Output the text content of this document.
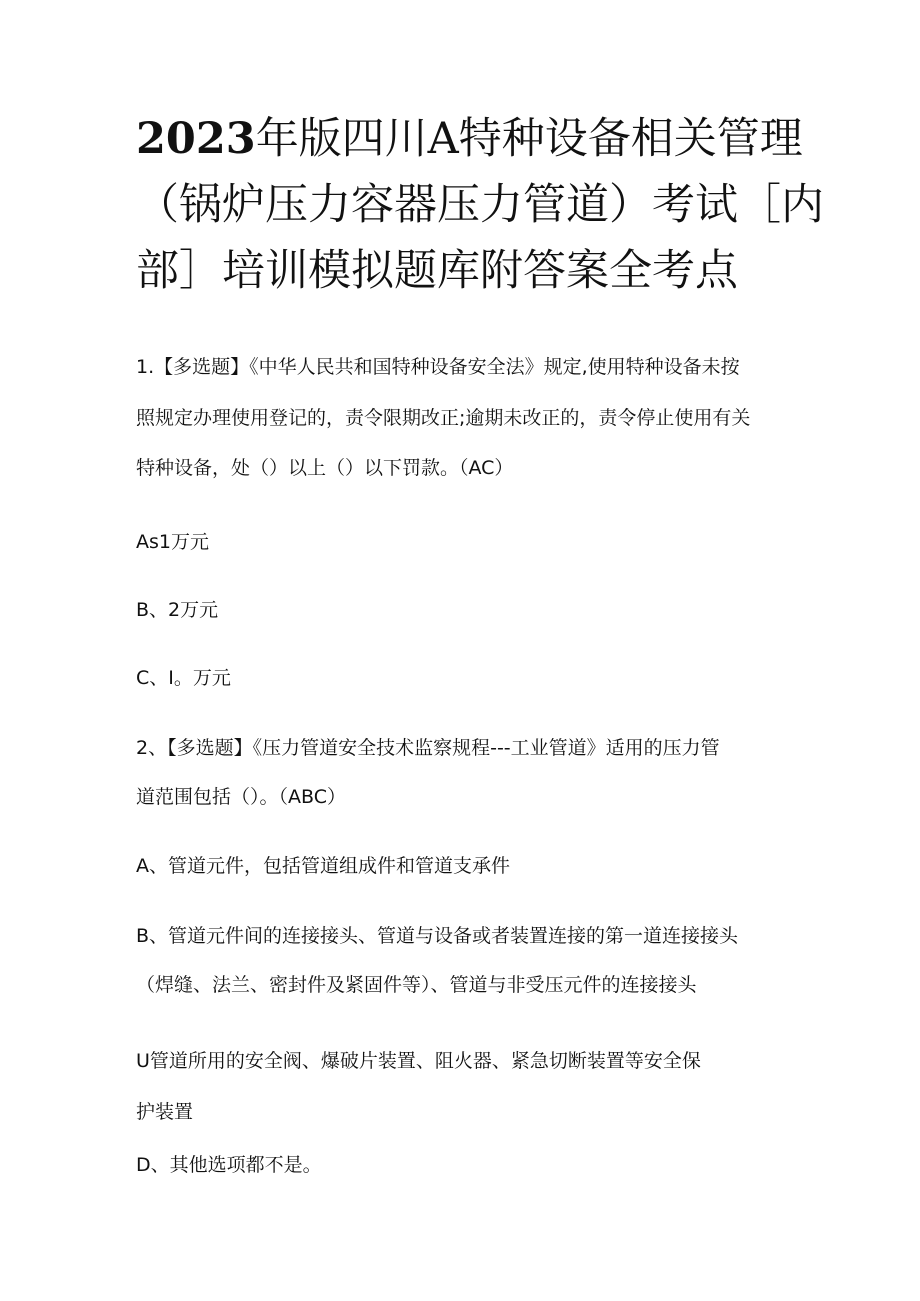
2023年版四川A特种设备相关管理
（锅炉压力容器压力管道）考试［内
部］培训模拟题库附答案全考点

1.【多选题】《中华人民共和国特种设备安全法》规定,使用特种设备未按

照规定办理使用登记的，责令限期改正;逾期未改正的，责令停止使用有关

特种设备，处（）以上（）以下罚款。（AC）

As1万元

B、2万元

C、I。万元

2、【多选题】《压力管道安全技术监察规程---工业管道》适用的压力管

道范围包括（）。（ABC）

A、管道元件，包括管道组成件和管道支承件

B、管道元件间的连接接头、管道与设备或者装置连接的第一道连接接头

（焊缝、法兰、密封件及紧固件等）、管道与非受压元件的连接接头

U管道所用的安全阀、爆破片装置、阻火器、紧急切断装置等安全保

护装置

D、其他选项都不是。
